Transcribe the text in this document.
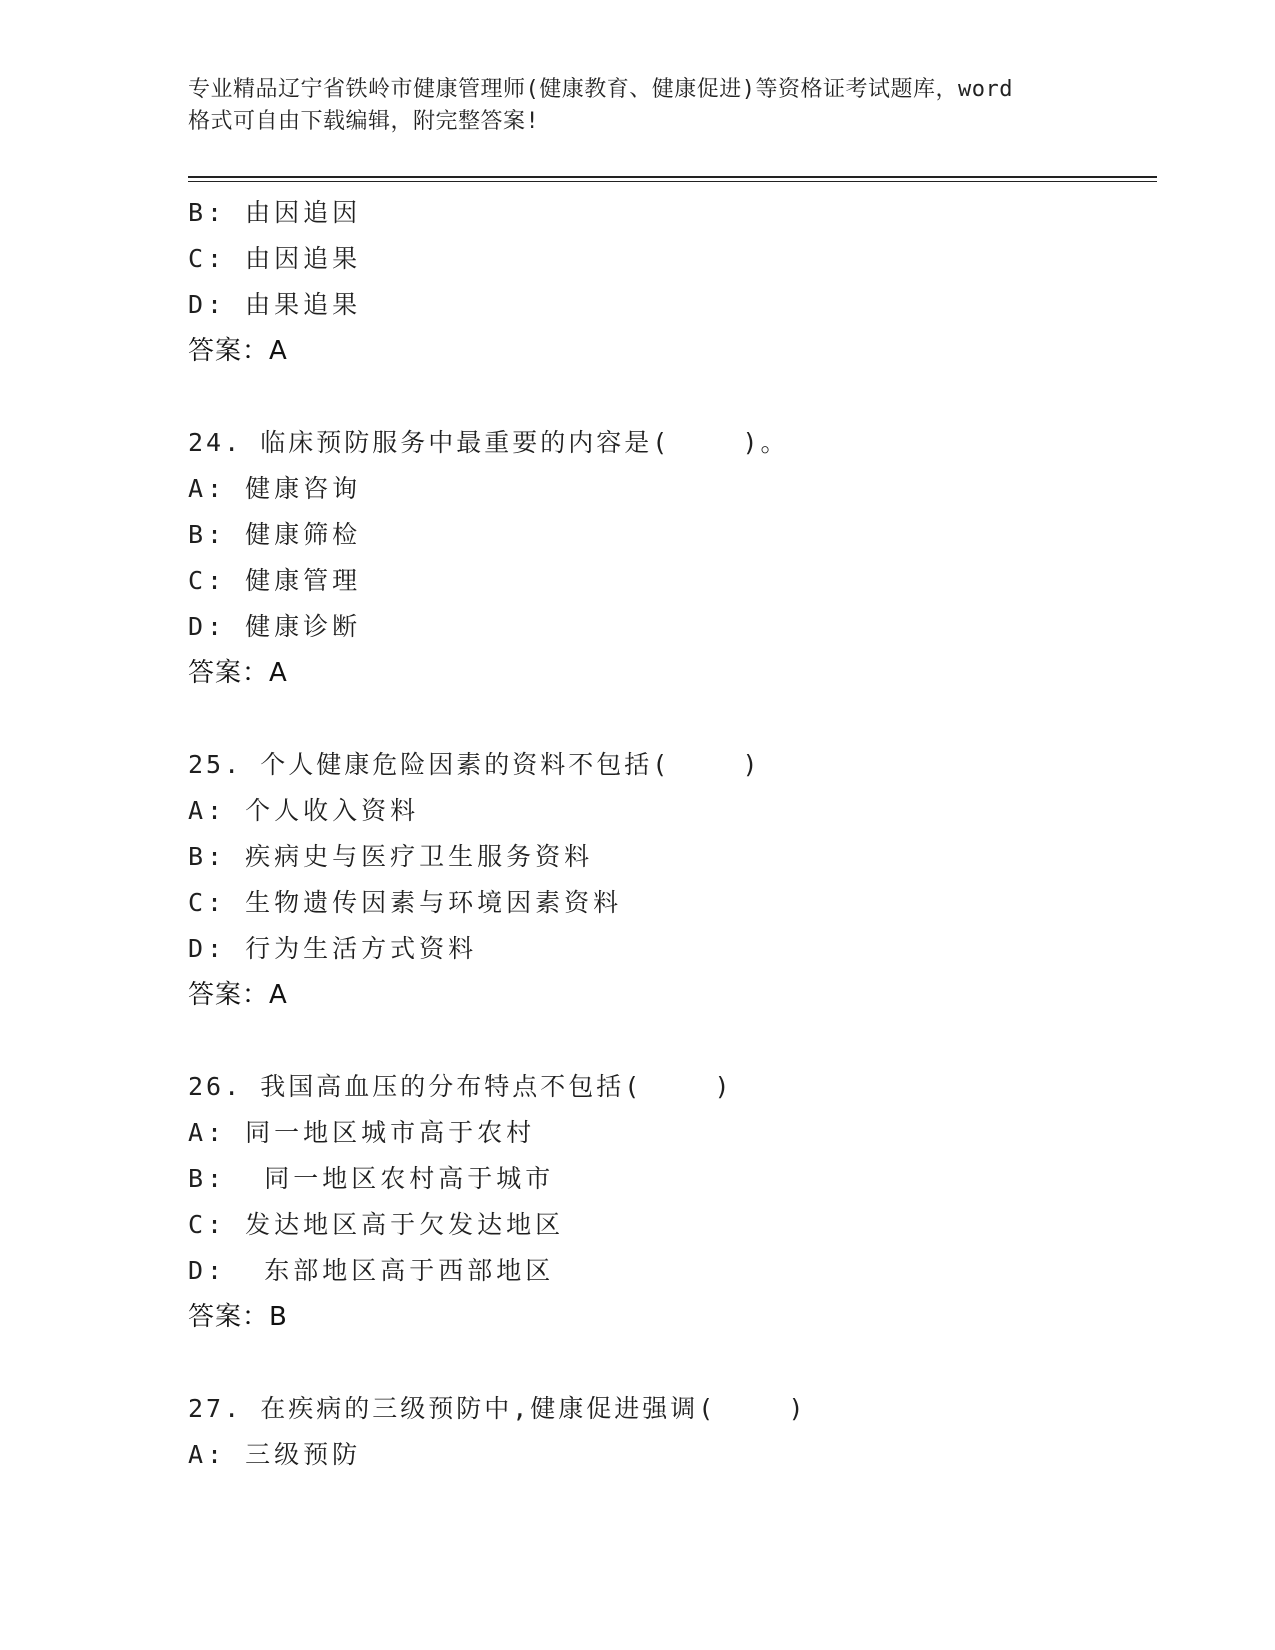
专业精品辽宁省铁岭市健康管理师(健康教育、健康促进)等资格证考试题库，word
格式可自由下载编辑，附完整答案!
B: 由因追因
C: 由因追果
D: 由果追果
答案：A
24. 临床预防服务中最重要的内容是(    )。
A: 健康咨询
B: 健康筛检
C: 健康管理
D: 健康诊断
答案：A
25. 个人健康危险因素的资料不包括(    )
A: 个人收入资料
B: 疾病史与医疗卫生服务资料
C: 生物遗传因素与环境因素资料
D: 行为生活方式资料
答案：A
26. 我国高血压的分布特点不包括(    )
A: 同一地区城市高于农村
B:  同一地区农村高于城市
C: 发达地区高于欠发达地区
D:  东部地区高于西部地区
答案：B
27. 在疾病的三级预防中,健康促进强调(    )
A: 三级预防
